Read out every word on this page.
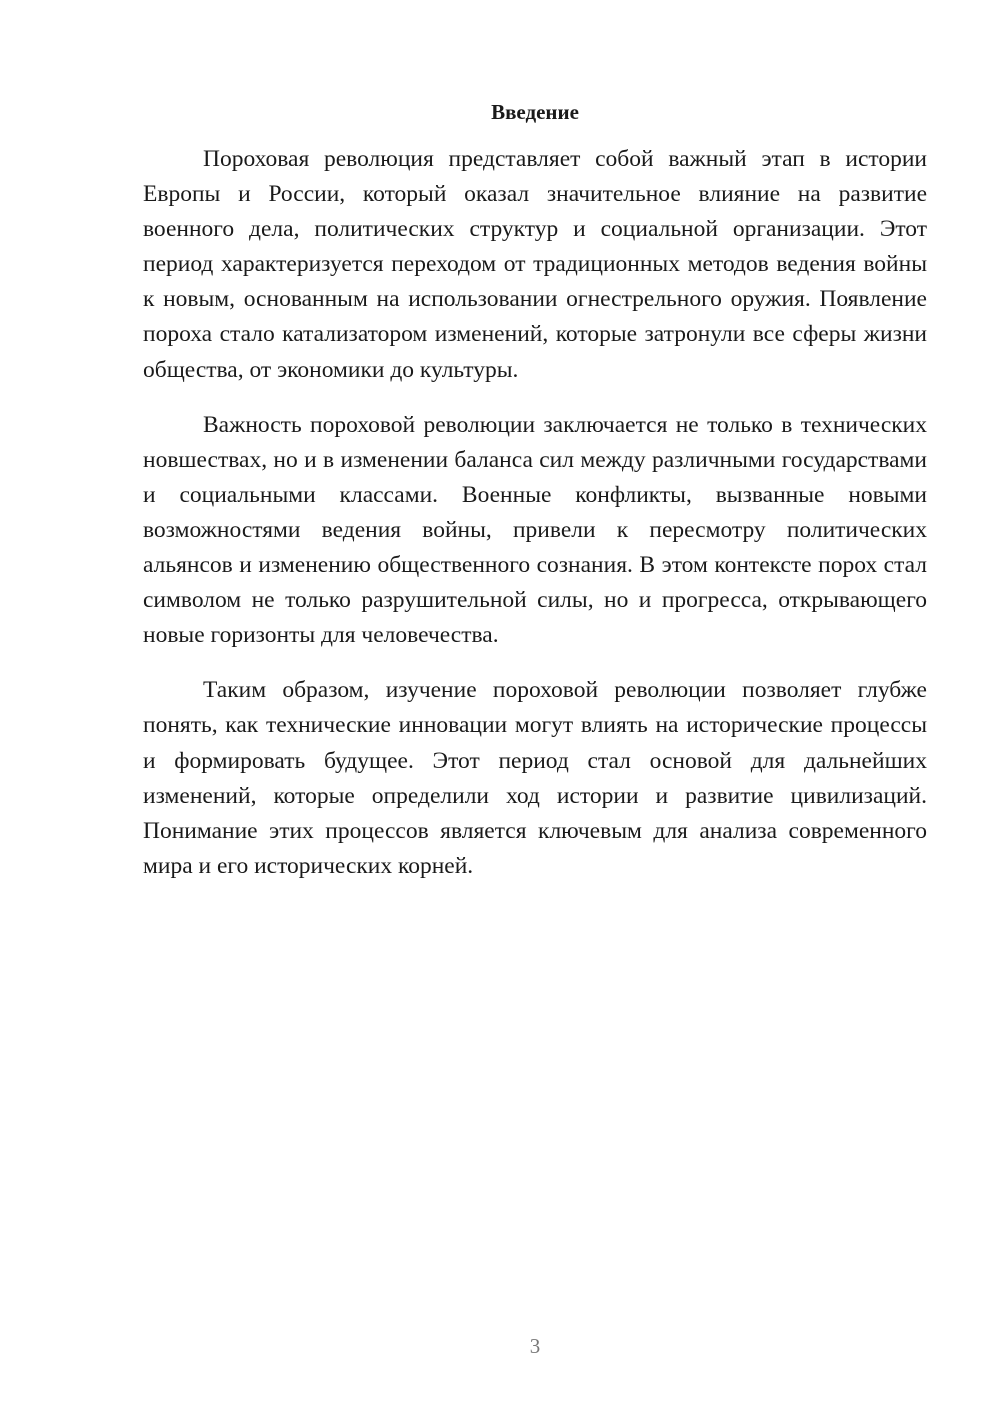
Введение

Пороховая революция представляет собой важный этап в истории Европы и России, который оказал значительное влияние на развитие военного дела, политических структур и социальной организации. Этот период характеризуется переходом от традиционных методов ведения войны к новым, основанным на использовании огнестрельного оружия. Появление пороха стало катализатором изменений, которые затронули все сферы жизни общества, от экономики до культуры.

Важность пороховой революции заключается не только в технических новшествах, но и в изменении баланса сил между различными государствами и социальными классами. Военные конфликты, вызванные новыми возможностями ведения войны, привели к пересмотру политических альянсов и изменению общественного сознания. В этом контексте порох стал символом не только разрушительной силы, но и прогресса, открывающего новые горизонты для человечества.

Таким образом, изучение пороховой революции позволяет глубже понять, как технические инновации могут влиять на исторические процессы и формировать будущее. Этот период стал основой для дальнейших изменений, которые определили ход истории и развитие цивилизаций. Понимание этих процессов является ключевым для анализа современного мира и его исторических корней.

3
